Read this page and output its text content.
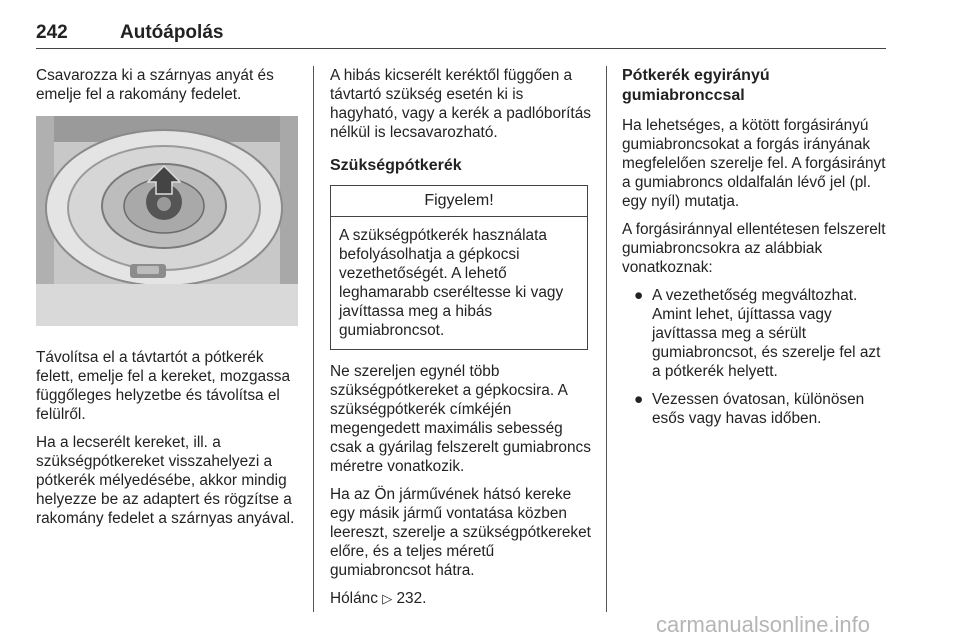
242	Autóápolás

Csavarozza ki a szárnyas anyát és emelje fel a rakomány fedelet.

Távolítsa el a távtartót a pótkerék felett, emelje fel a kereket, mozgassa függőleges helyzetbe és távolítsa el felülről.

Ha a lecserélt kereket, ill. a szükségpótkereket visszahelyezi a pótkerék mélyedésébe, akkor mindig helyezze be az adaptert és rögzítse a rakomány fedelet a szárnyas anyával.

A hibás kicserélt keréktől függően a távtartó szükség esetén ki is hagyható, vagy a kerék a padlóborítás nélkül is lecsavarozható.

Szükségpótkerék
Figyelem!
A szükségpótkerék használata befolyásolhatja a gépkocsi vezethetőségét. A lehető leghamarabb cseréltesse ki vagy javíttassa meg a hibás gumiabroncsot.

Ne szereljen egynél több szükségpótkereket a gépkocsira. A szükségpótkerék címkéjén megengedett maximális sebesség csak a gyárilag felszerelt gumiabroncs méretre vonatkozik.

Ha az Ön járművének hátsó kereke egy másik jármű vontatása közben leereszt, szerelje a szükségpótkereket előre, és a teljes méretű gumiabroncsot hátra.

Hólánc ▷ 232.

Pótkerék egyirányú gumiabronccsal

Ha lehetséges, a kötött forgásirányú gumiabroncsokat a forgás irányának megfelelően szerelje fel. A forgásirányt a gumiabroncs oldalfalán lévő jel (pl. egy nyíl) mutatja.

A forgásiránnyal ellentétesen felszerelt gumiabroncsokra az alábbiak vonatkoznak:

● A vezethetőség megváltozhat. Amint lehet, újíttassa vagy javíttassa meg a sérült gumiabroncsot, és szerelje fel azt a pótkerék helyett.
● Vezessen óvatosan, különösen esős vagy havas időben.
carmanualsonline.info
